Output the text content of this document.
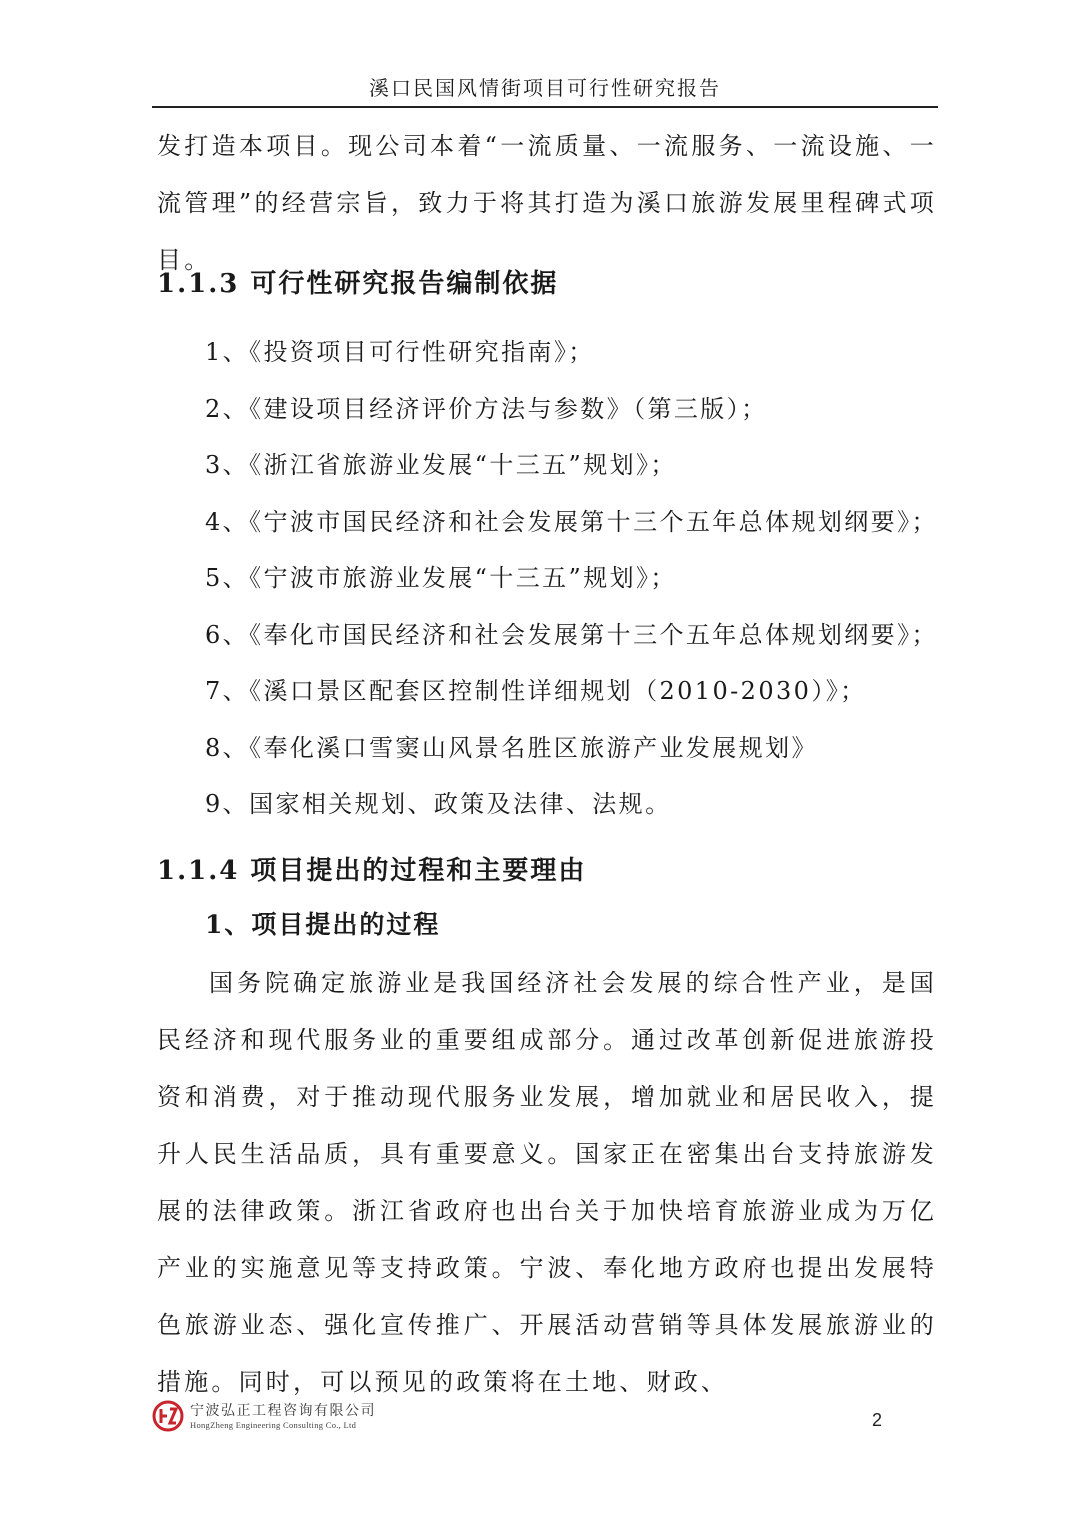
溪口民国风情街项目可行性研究报告

发打造本项目。现公司本着“一流质量、一流服务、一流设施、一流管理”的经营宗旨，致力于将其打造为溪口旅游发展里程碑式项目。

1.1.3 可行性研究报告编制依据
1、《投资项目可行性研究指南》；
2、《建设项目经济评价方法与参数》（第三版）；
3、《浙江省旅游业发展“十三五”规划》；
4、《宁波市国民经济和社会发展第十三个五年总体规划纲要》；
5、《宁波市旅游业发展“十三五”规划》；
6、《奉化市国民经济和社会发展第十三个五年总体规划纲要》；
7、《溪口景区配套区控制性详细规划（2010-2030）》；
8、《奉化溪口雪窦山风景名胜区旅游产业发展规划》
9、国家相关规划、政策及法律、法规。
1.1.4 项目提出的过程和主要理由
1、项目提出的过程

国务院确定旅游业是我国经济社会发展的综合性产业，是国民经济和现代服务业的重要组成部分。通过改革创新促进旅游投资和消费，对于推动现代服务业发展，增加就业和居民收入，提升人民生活品质，具有重要意义。国家正在密集出台支持旅游发展的法律政策。浙江省政府也出台关于加快培育旅游业成为万亿产业的实施意见等支持政策。宁波、奉化地方政府也提出发展特色旅游业态、强化宣传推广、开展活动营销等具体发展旅游业的措施。同时，可以预见的政策将在土地、财政、

宁波弘正工程咨询有限公司
HongZheng Engineering Consulting Co., Ltd	2
